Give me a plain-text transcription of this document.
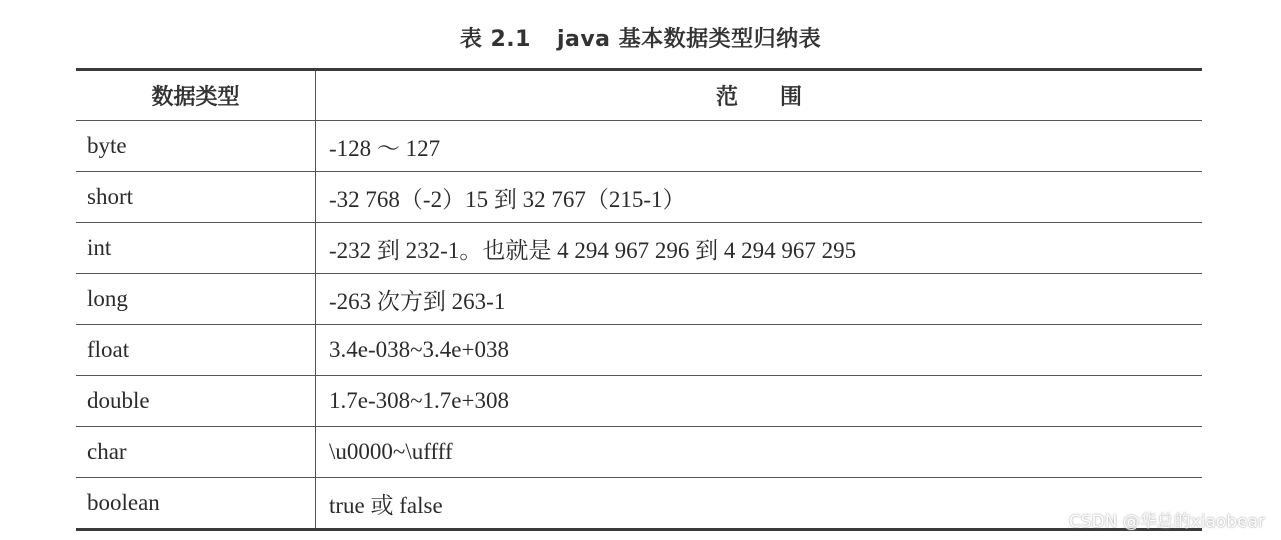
表 2.1 java 基本数据类型归纳表
数据类型	范围
byte	-128 ～ 127
short	-32 768（-2）15 到 32 767（215-1）
int	-232 到 232-1。也就是 4 294 967 296 到 4 294 967 295
long	-263 次方到 263-1
float	3.4e-038~3.4e+038
double	1.7e-308~1.7e+308
char	\u0000~\uffff
boolean	true 或 false
CSDN @华总的xiaobear
